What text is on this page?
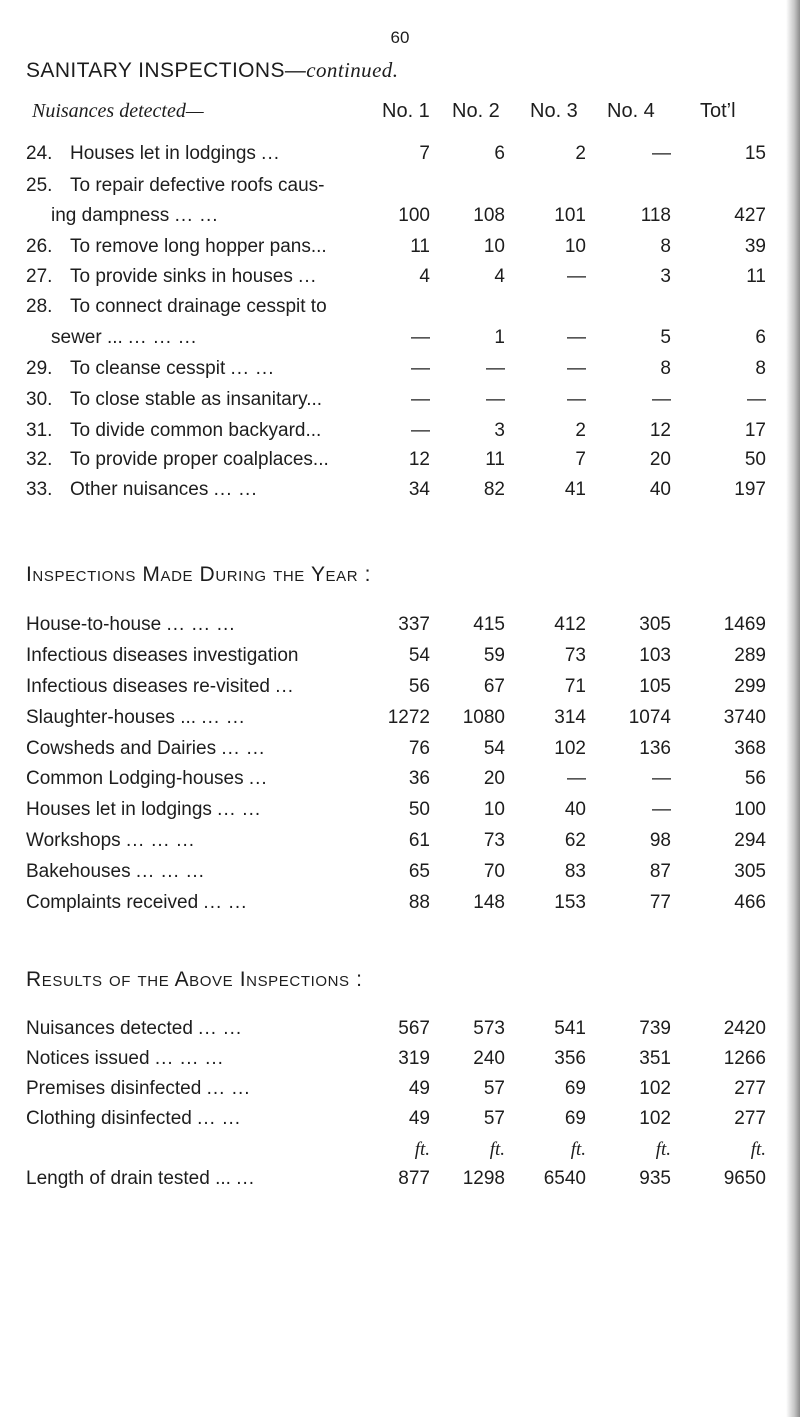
60
SANITARY INSPECTIONS—continued.
Nuisances detected—	No. 1 No. 2 No. 3 No. 4 Tot’l
24. Houses let in lodgings ...	7	6	2	—	15
25. To repair defective roofs caus-
ing dampness ... ...	100	108	101	118	427
26. To remove long hopper pans...	11	10	10	8	39
27. To provide sinks in houses ...	4	4	—	3	11
28. To connect drainage cesspit to
sewer ... ... ... ...	—	1	—	5	6
29. To cleanse cesspit ... ...	—	—	—	8	8
30. To close stable as insanitary...	—	—	—	—	—
31. To divide common backyard...	—	3	2	12	17
32. To provide proper coalplaces...	12	11	7	20	50
33. Other nuisances ... ...	34	82	41	40	197
Inspections Made During the Year :
House-to-house ... ... ...	337	415	412	305	1469
Infectious diseases investigation	54	59	73	103	289
Infectious diseases re-visited ...	56	67	71	105	299
Slaughter-houses ... ... ...	1272	1080	314	1074	3740
Cowsheds and Dairies ... ...	76	54	102	136	368
Common Lodging-houses ...	36	20	—	—	56
Houses let in lodgings ... ...	50	10	40	—	100
Workshops ... ... ...	61	73	62	98	294
Bakehouses ... ... ...	65	70	83	87	305
Complaints received ... ...	88	148	153	77	466
Results of the Above Inspections :
Nuisances detected ... ...	567	573	541	739	2420
Notices issued ... ... ...	319	240	356	351	1266
Premises disinfected ... ...	49	57	69	102	277
Clothing disinfected ... ...	49	57	69	102	277
ft.	ft.	ft.	ft.	ft.
Length of drain tested ... ...	877	1298	6540	935	9650
